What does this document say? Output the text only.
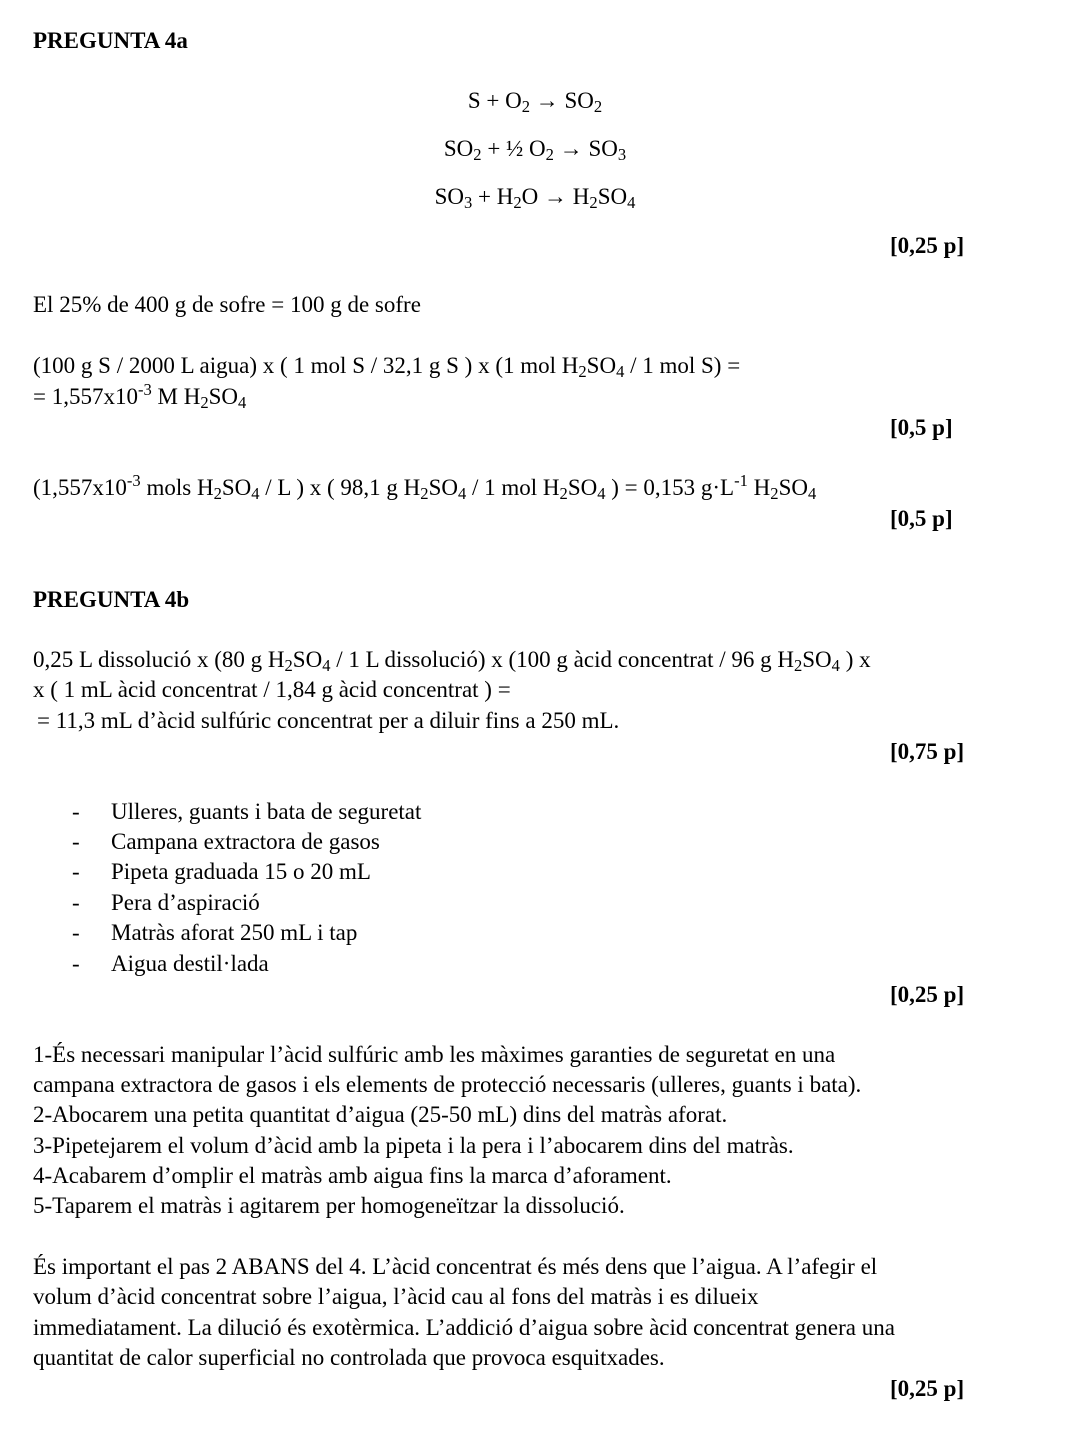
PREGUNTA 4a
$S + O_2 \to SO_2$
$SO_2$ + ½ $O_2 \to SO_3$
$SO_3 + H_2O \to H_2SO_4$
[0,25 p]
El 25% de 400 g de sofre = 100 g de sofre
(100 g S / 2000 L aigua) x ( 1 mol S / 32,1 g S ) x (1 mol $H_2SO_4 / 1$ mol S) =
= $1,557x10^{-3}$ M $H_2SO_4$
[0,5 p]
($1,557x10^{-3}$ mols $H_2SO_4$ / L ) x ( 98,1 g $H_2SO_4 / 1$ mol $H_2SO_4$ ) = 0,153 $g\cdot L^{-1}$ $H_2SO_4$
[0,5 p]
PREGUNTA 4b
0,25 L dissolució x (80 g $H_2SO_4 / 1$ L dissolució) x (100 g àcid concentrat / 96 g $H_2SO_4$ ) x
x ( 1 mL àcid concentrat / 1,84 g àcid concentrat ) =
= 11,3 mL d’àcid sulfúric concentrat per a diluir fins a 250 mL.
[0,75 p]
- Ulleres, guants i bata de seguretat
- Campana extractora de gasos
- Pipeta graduada 15 o 20 mL
- Pera d’aspiració
- Matràs aforat 250 mL i tap
- Aigua destil·lada
[0,25 p]
1-És necessari manipular l’àcid sulfúric amb les màximes garanties de seguretat en una
campana extractora de gasos i els elements de protecció necessaris (ulleres, guants i bata).
2-Abocarem una petita quantitat d’aigua (25-50 mL) dins del matràs aforat.
3-Pipetejarem el volum d’àcid amb la pipeta i la pera i l’abocarem dins del matràs.
4-Acabarem d’omplir el matràs amb aigua fins la marca d’aforament.
5-Taparem el matràs i agitarem per homogeneïtzar la dissolució.
És important el pas 2 ABANS del 4. L’àcid concentrat és més dens que l’aigua. A l’afegir el
volum d’àcid concentrat sobre l’aigua, l’àcid cau al fons del matràs i es dilueix
immediatament. La dilució és exotèrmica. L’addició d’aigua sobre àcid concentrat genera una
quantitat de calor superficial no controlada que provoca esquitxades.
[0,25 p]
